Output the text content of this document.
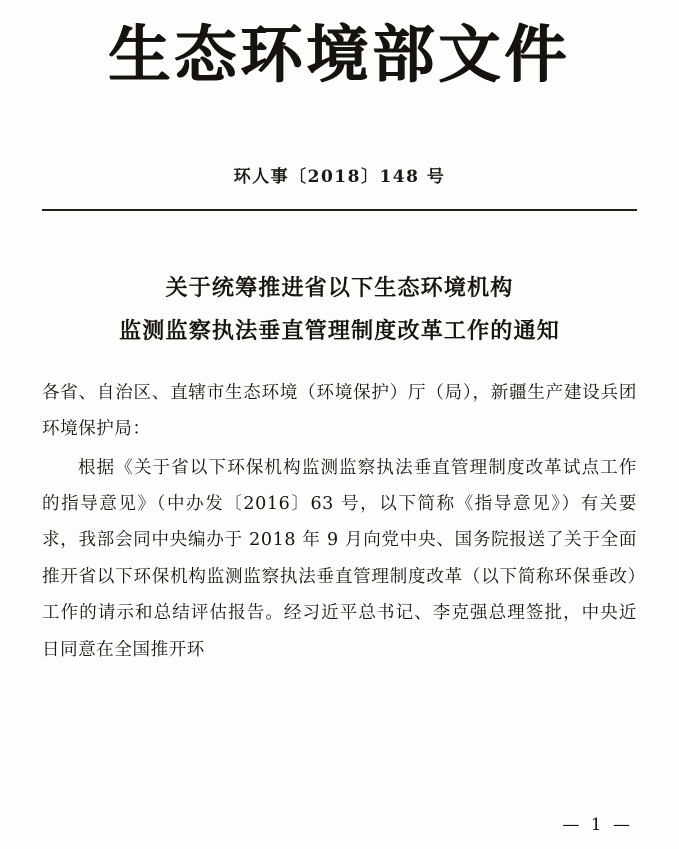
生态环境部文件
环人事〔2018〕148 号
关于统筹推进省以下生态环境机构
监测监察执法垂直管理制度改革工作的通知

各省、自治区、直辖市生态环境（环境保护）厅（局），新疆生产建设兵团环境保护局：

根据《关于省以下环保机构监测监察执法垂直管理制度改革试点工作的指导意见》（中办发〔2016〕63 号，以下简称《指导意见》）有关要求，我部会同中央编办于 2018 年 9 月向党中央、国务院报送了关于全面推开省以下环保机构监测监察执法垂直管理制度改革（以下简称环保垂改）工作的请示和总结评估报告。经习近平总书记、李克强总理签批，中央近日同意在全国推开环

— 1 —
